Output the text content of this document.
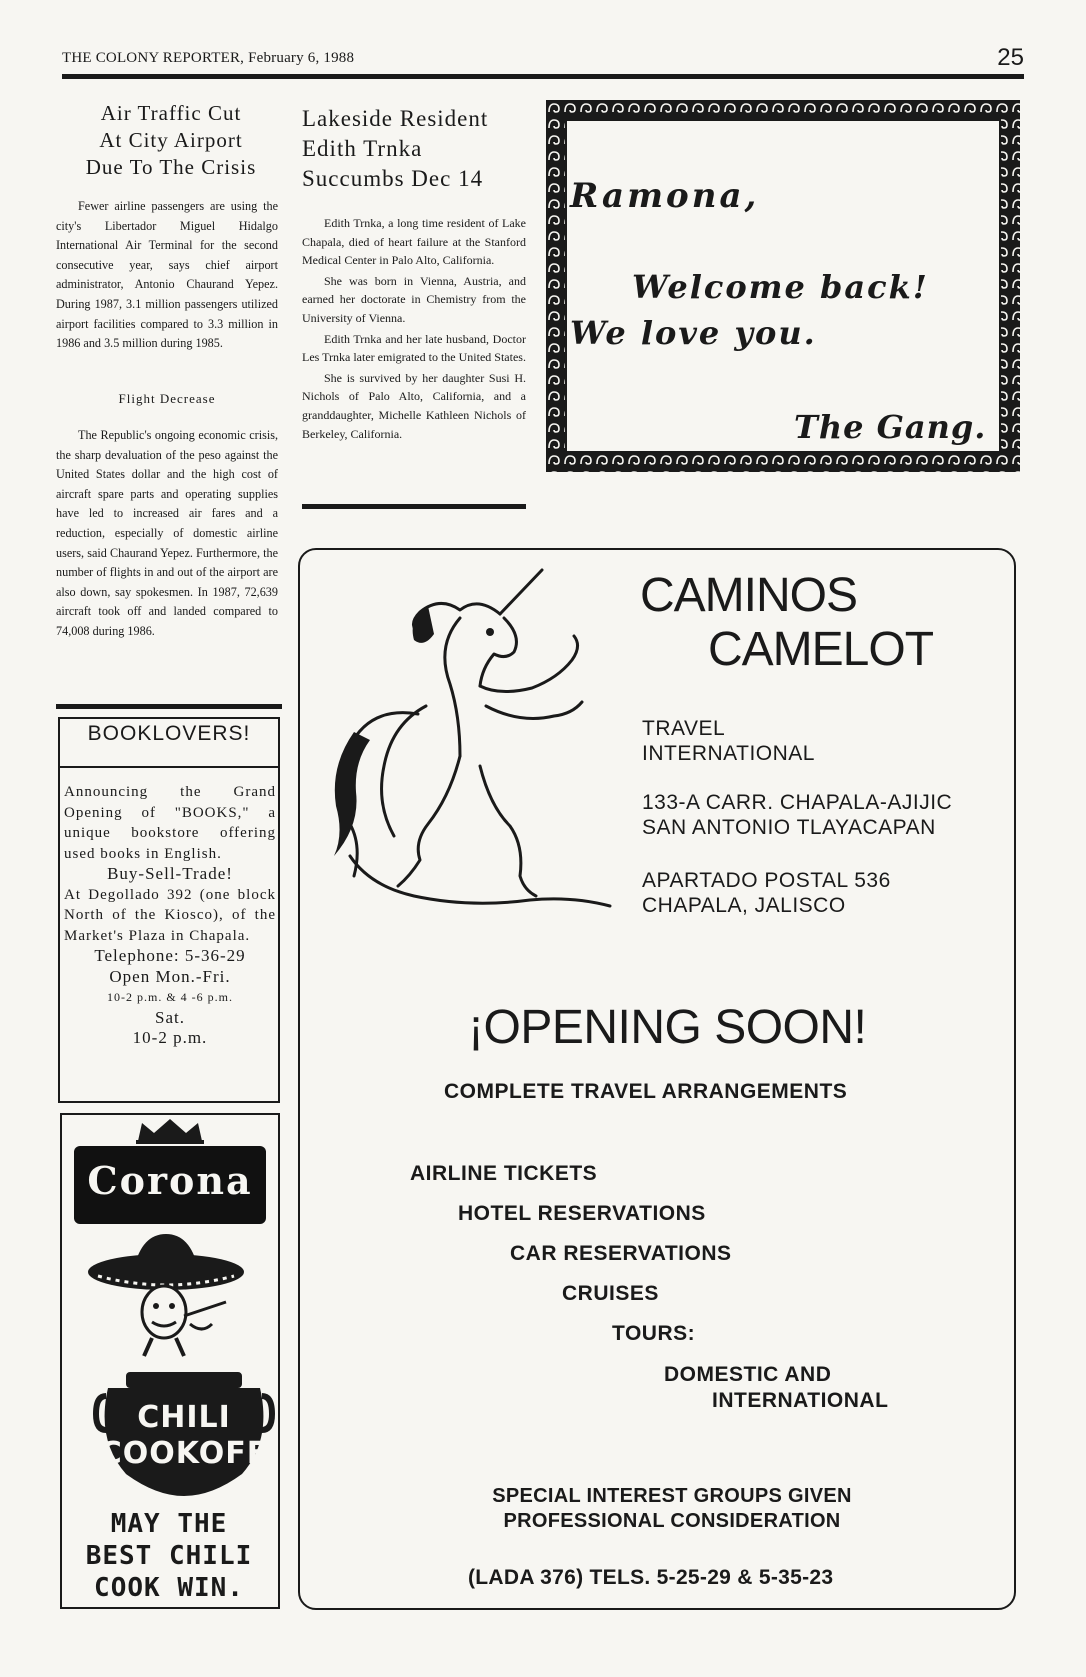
THE COLONY REPORTER, February 6, 1988	25
Air Traffic Cut
At City Airport
Due To The Crisis

Fewer airline passengers are using the city's Libertador Miguel Hidalgo International Air Terminal for the second consecutive year, says chief airport administrator, Antonio Chaurand Yepez. During 1987, 3.1 million passengers utilized airport facilities compared to 3.3 million in 1986 and 3.5 million during 1985.

Flight Decrease

The Republic's ongoing economic crisis, the sharp devaluation of the peso against the United States dollar and the high cost of aircraft spare parts and operating supplies have led to increased air fares and a reduction, especially of domestic airline users, said Chaurand Yepez. Furthermore, the number of flights in and out of the airport are also down, say spokesmen. In 1987, 72,639 aircraft took off and landed compared to 74,008 during 1986.

Lakeside Resident
Edith Trnka
Succumbs Dec 14

Edith Trnka, a long time resident of Lake Chapala, died of heart failure at the Stanford Medical Center in Palo Alto, California.

She was born in Vienna, Austria, and earned her doctorate in Chemistry from the University of Vienna.

Edith Trnka and her late husband, Doctor Les Trnka later emigrated to the United States.

She is survived by her daughter Susi H. Nichols of Palo Alto, California, and a granddaughter, Michelle Kathleen Nichols of Berkeley, California.

Ramona,
Welcome back!
We love you.
The Gang.
BOOKLOVERS!
Announcing the Grand Opening of "BOOKS," a unique bookstore offering used books in English.
Buy-Sell-Trade!
At Degollado 392 (one block North of the Kiosco), of the Market's Plaza in Chapala.
Telephone: 5-36-29
Open Mon.-Fri.
10-2 p.m. & 4 -6 p.m.
Sat.
10-2 p.m.
Corona
CHILI
COOKOFF
MAY THE
BEST CHILI
COOK WIN.
CAMINOS
CAMELOT
TRAVEL
INTERNATIONAL
133-A CARR. CHAPALA-AJIJIC
SAN ANTONIO TLAYACAPAN
APARTADO POSTAL 536
CHAPALA, JALISCO
¡OPENING SOON!
COMPLETE TRAVEL ARRANGEMENTS
AIRLINE TICKETS
HOTEL RESERVATIONS
CAR RESERVATIONS
CRUISES
TOURS:
DOMESTIC AND
INTERNATIONAL
SPECIAL INTEREST GROUPS GIVEN
PROFESSIONAL CONSIDERATION
(LADA 376) TELS. 5-25-29 & 5-35-23
